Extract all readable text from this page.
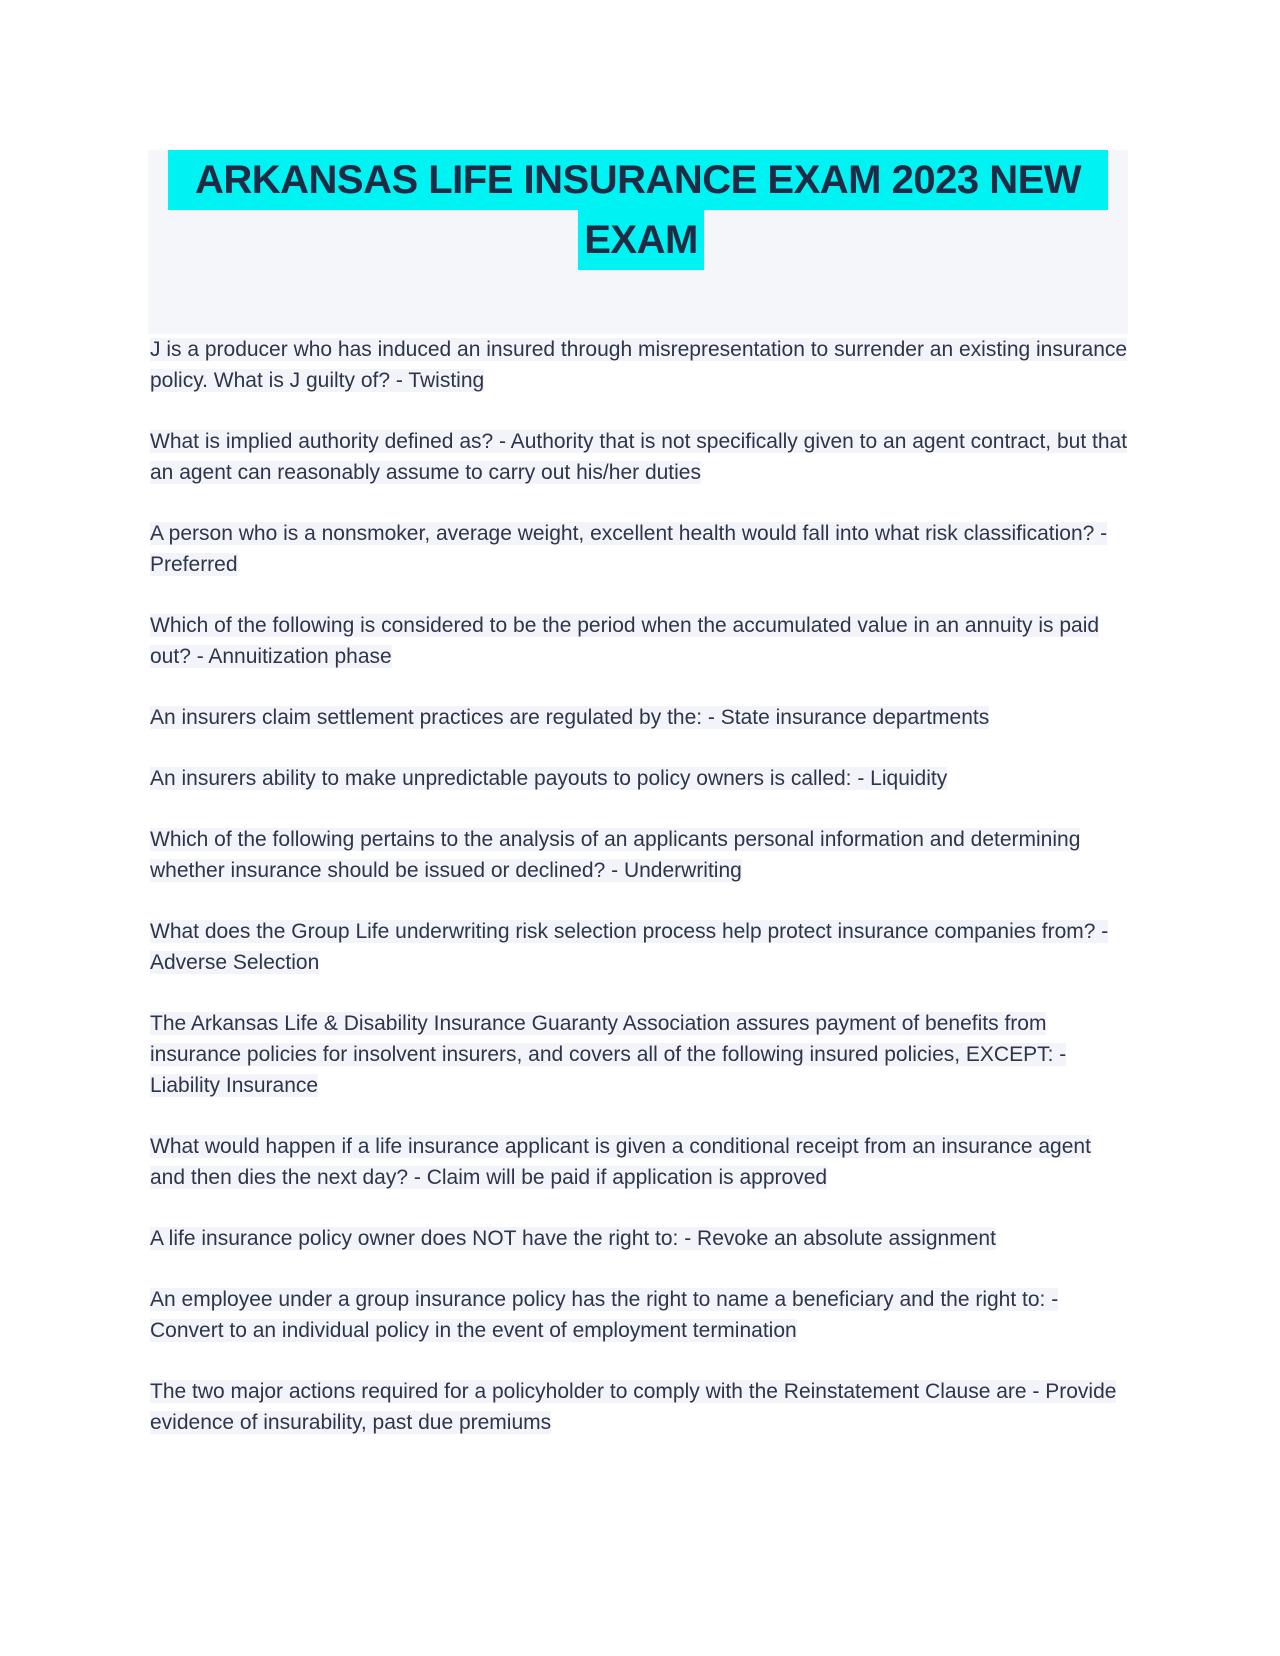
ARKANSAS LIFE INSURANCE EXAM 2023 NEW
EXAM

J is a producer who has induced an insured through misrepresentation to surrender an existing insurance policy. What is J guilty of? - Twisting

What is implied authority defined as? - Authority that is not specifically given to an agent contract, but that an agent can reasonably assume to carry out his/her duties

A person who is a nonsmoker, average weight, excellent health would fall into what risk classification? - Preferred

Which of the following is considered to be the period when the accumulated value in an annuity is paid out? - Annuitization phase

An insurers claim settlement practices are regulated by the: - State insurance departments

An insurers ability to make unpredictable payouts to policy owners is called: - Liquidity

Which of the following pertains to the analysis of an applicants personal information and determining whether insurance should be issued or declined? - Underwriting

What does the Group Life underwriting risk selection process help protect insurance companies from? - Adverse Selection

The Arkansas Life & Disability Insurance Guaranty Association assures payment of benefits from insurance policies for insolvent insurers, and covers all of the following insured policies, EXCEPT: - Liability Insurance

What would happen if a life insurance applicant is given a conditional receipt from an insurance agent and then dies the next day? - Claim will be paid if application is approved

A life insurance policy owner does NOT have the right to: - Revoke an absolute assignment

An employee under a group insurance policy has the right to name a beneficiary and the right to: - Convert to an individual policy in the event of employment termination

The two major actions required for a policyholder to comply with the Reinstatement Clause are - Provide evidence of insurability, past due premiums
